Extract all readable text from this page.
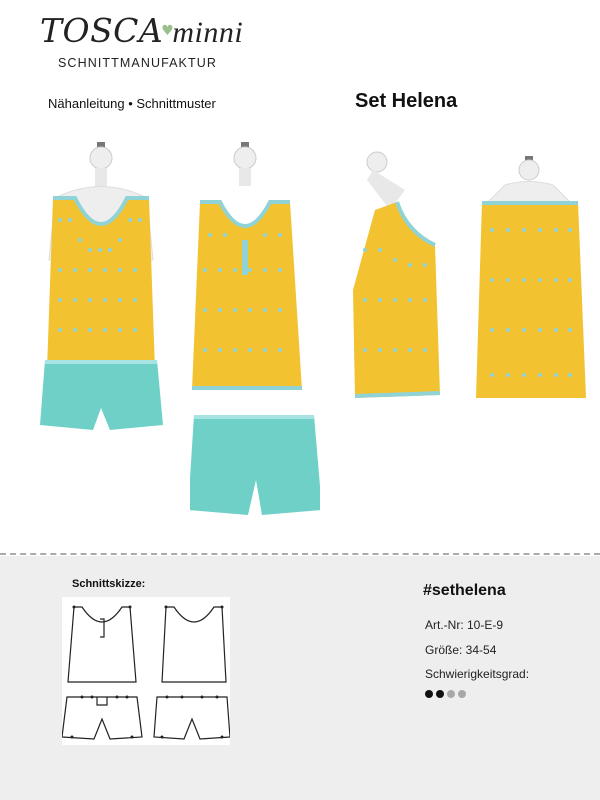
TOSCA♥minni
SCHNITTMANUFAKTUR
Nähanleitung • Schnittmuster	Set Helena
Schnittskizze:	#sethelena
Art.-Nr: 10-E-9
Größe: 34-54
Schwierigkeitsgrad:
